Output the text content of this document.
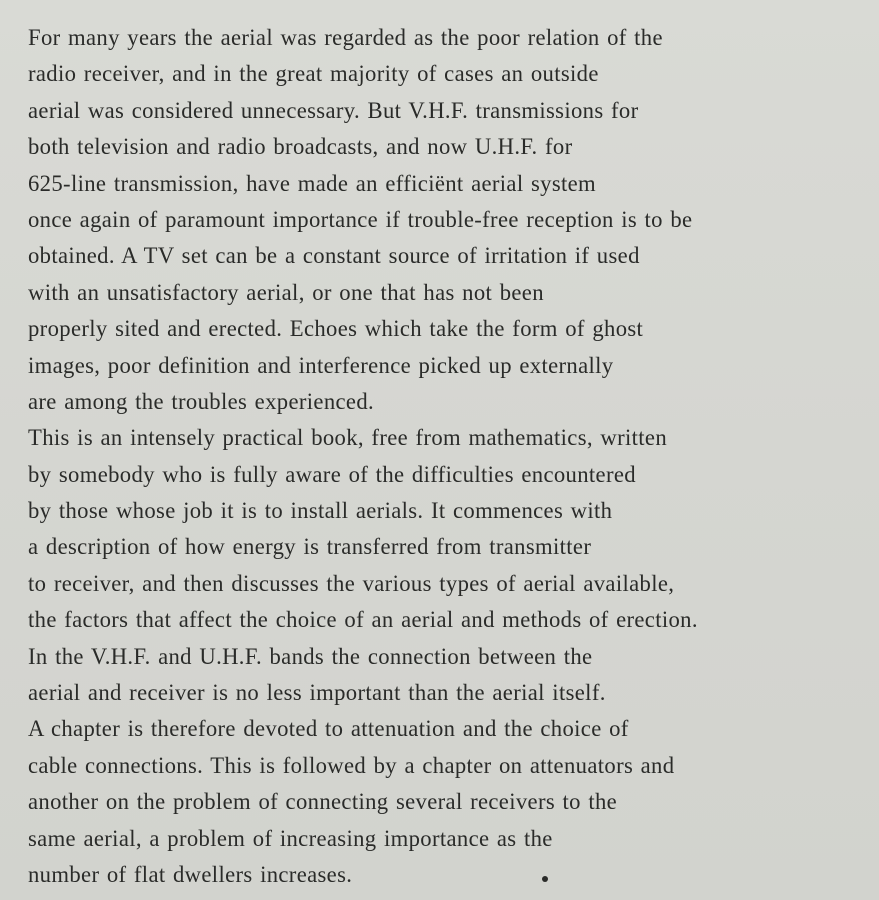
For many years the aerial was regarded as the poor relation of the
radio receiver, and in the great majority of cases an outside
aerial was considered unnecessary. But V.H.F. transmissions for
both television and radio broadcasts, and now U.H.F. for
625-line transmission, have made an efficiënt aerial system
once again of paramount importance if trouble-free reception is to be
obtained. A TV set can be a constant source of irritation if used
with an unsatisfactory aerial, or one that has not been
properly sited and erected. Echoes which take the form of ghost
images, poor definition and interference picked up externally
are among the troubles experienced.
This is an intensely practical book, free from mathematics, written
by somebody who is fully aware of the difficulties encountered
by those whose job it is to install aerials. It commences with
a description of how energy is transferred from transmitter
to receiver, and then discusses the various types of aerial available,
the factors that affect the choice of an aerial and methods of erection.
In the V.H.F. and U.H.F. bands the connection between the
aerial and receiver is no less important than the aerial itself.
A chapter is therefore devoted to attenuation and the choice of
cable connections. This is followed by a chapter on attenuators and
another on the problem of connecting several receivers to the
same aerial, a problem of increasing importance as the
number of flat dwellers increases.
